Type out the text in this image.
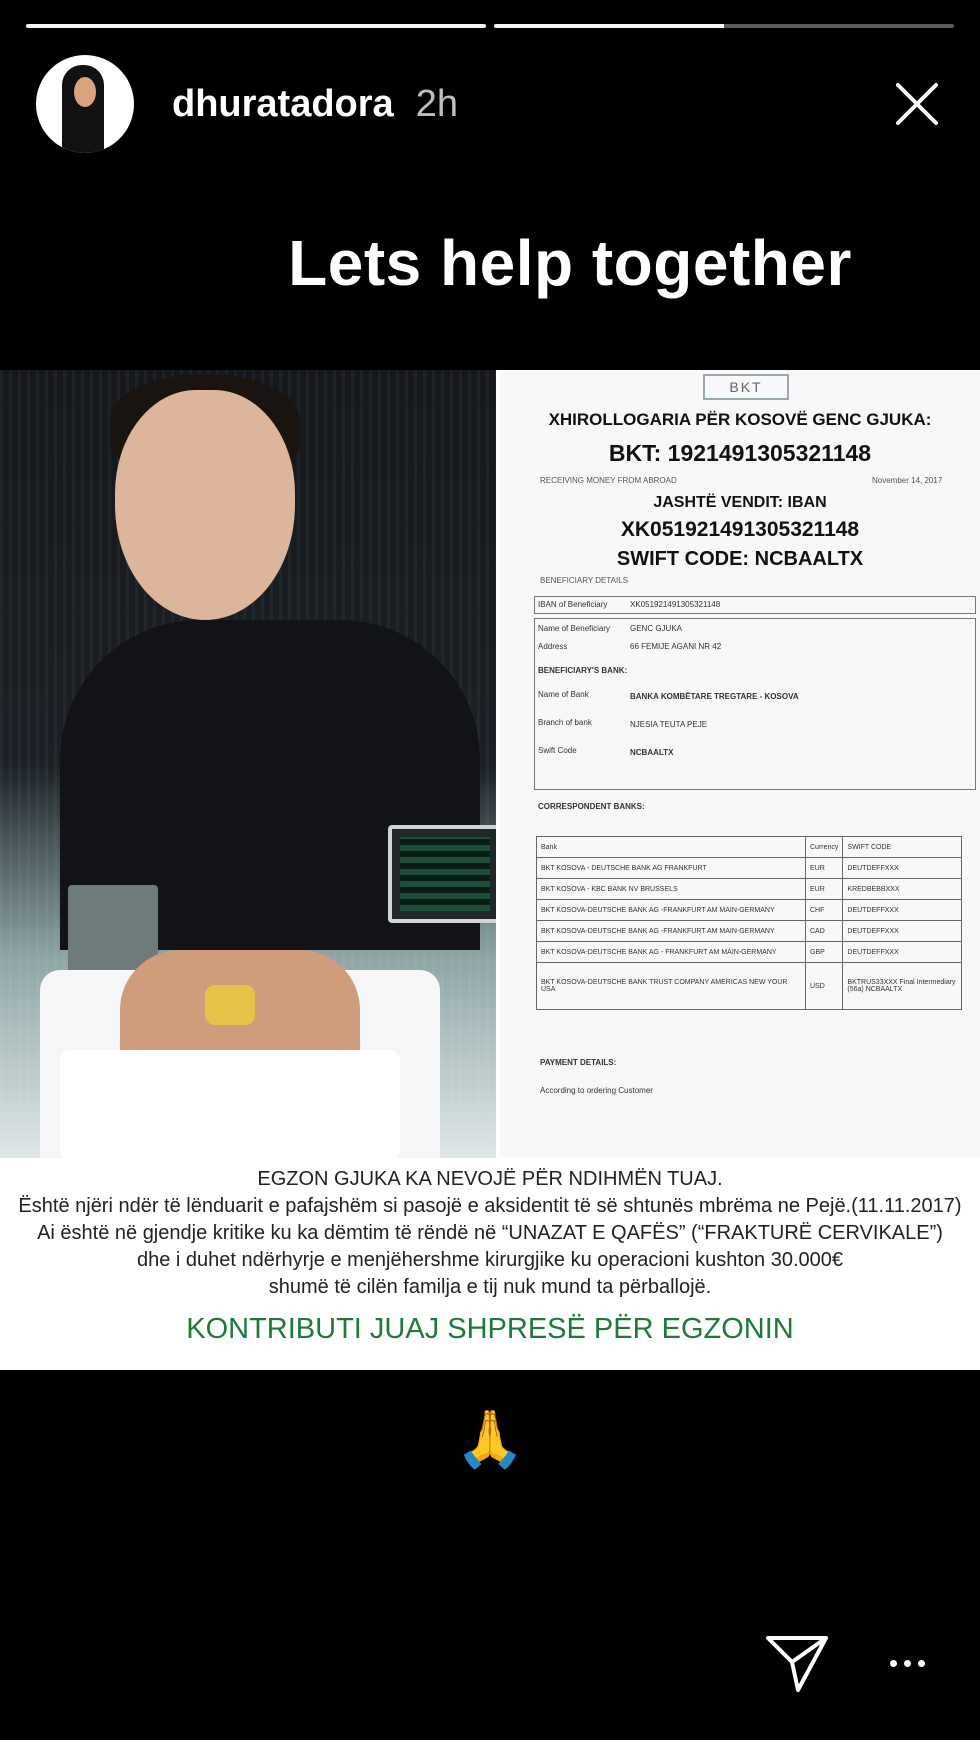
dhuratadora 2h
Lets help together
BKT
XHIROLLOGARIA PËR KOSOVË GENC GJUKA:
BKT: 1921491305321148
RECEIVING MONEY FROM ABROAD	November 14, 2017
JASHTË VENDIT: IBAN
XK051921491305321148
SWIFT CODE: NCBAALTX
BENEFICIARY DETAILS
IBAN of Beneficiary	XK051921491305321148
Name of Beneficiary GENC GJUKA
Address	66 FEMIJE AGANI NR 42
BENEFICIARY'S BANK:
Name of Bank	BANKA KOMBËTARE TREGTARE - KOSOVA
Branch of bank	NJESIA TEUTA PEJE
Swift Code	NCBAALTX
CORRESPONDENT BANKS:
Bank	Currency	SWIFT CODE
BKT KOSOVA - DEUTSCHE BANK AG FRANKFURT	EUR	DEUTDEFFXXX
BKT KOSOVA - KBC BANK NV BRUSSELS	EUR	KREDBEBBXXX
BKT KOSOVA-DEUTSCHE BANK AG -FRANKFURT AM MAIN-GERMANY	CHF	DEUTDEFFXXX
BKT KOSOVA-DEUTSCHE BANK AG -FRANKFURT AM MAIN-GERMANY	CAD	DEUTDEFFXXX
BKT KOSOVA-DEUTSCHE BANK AG - FRANKFURT AM MAIN-GERMANY	GBP	DEUTDEFFXXX
BKT KOSOVA-DEUTSCHE BANK TRUST COMPANY AMERICAS NEW YOUR USA	USD	BKTRUS33XXX Final Intermediary (56a) NCBAALTX
PAYMENT DETAILS:
According to ordering Customer
EGZON GJUKA KA NEVOJË PËR NDIHMËN TUAJ.
Është njëri ndër të lënduarit e pafajshëm si pasojë e aksidentit të së shtunës mbrëma ne Pejë.(11.11.2017)
Ai është në gjendje kritike ku ka dëmtim të rëndë në “UNAZAT E QAFËS” (“FRAKTURË CERVIKALE”)
dhe i duhet ndërhyrje e menjëhershme kirurgjike ku operacioni kushton 30.000€
shumë të cilën familja e tij nuk mund ta përballojë.
KONTRIBUTI JUAJ SHPRESË PËR EGZONIN
🙏
